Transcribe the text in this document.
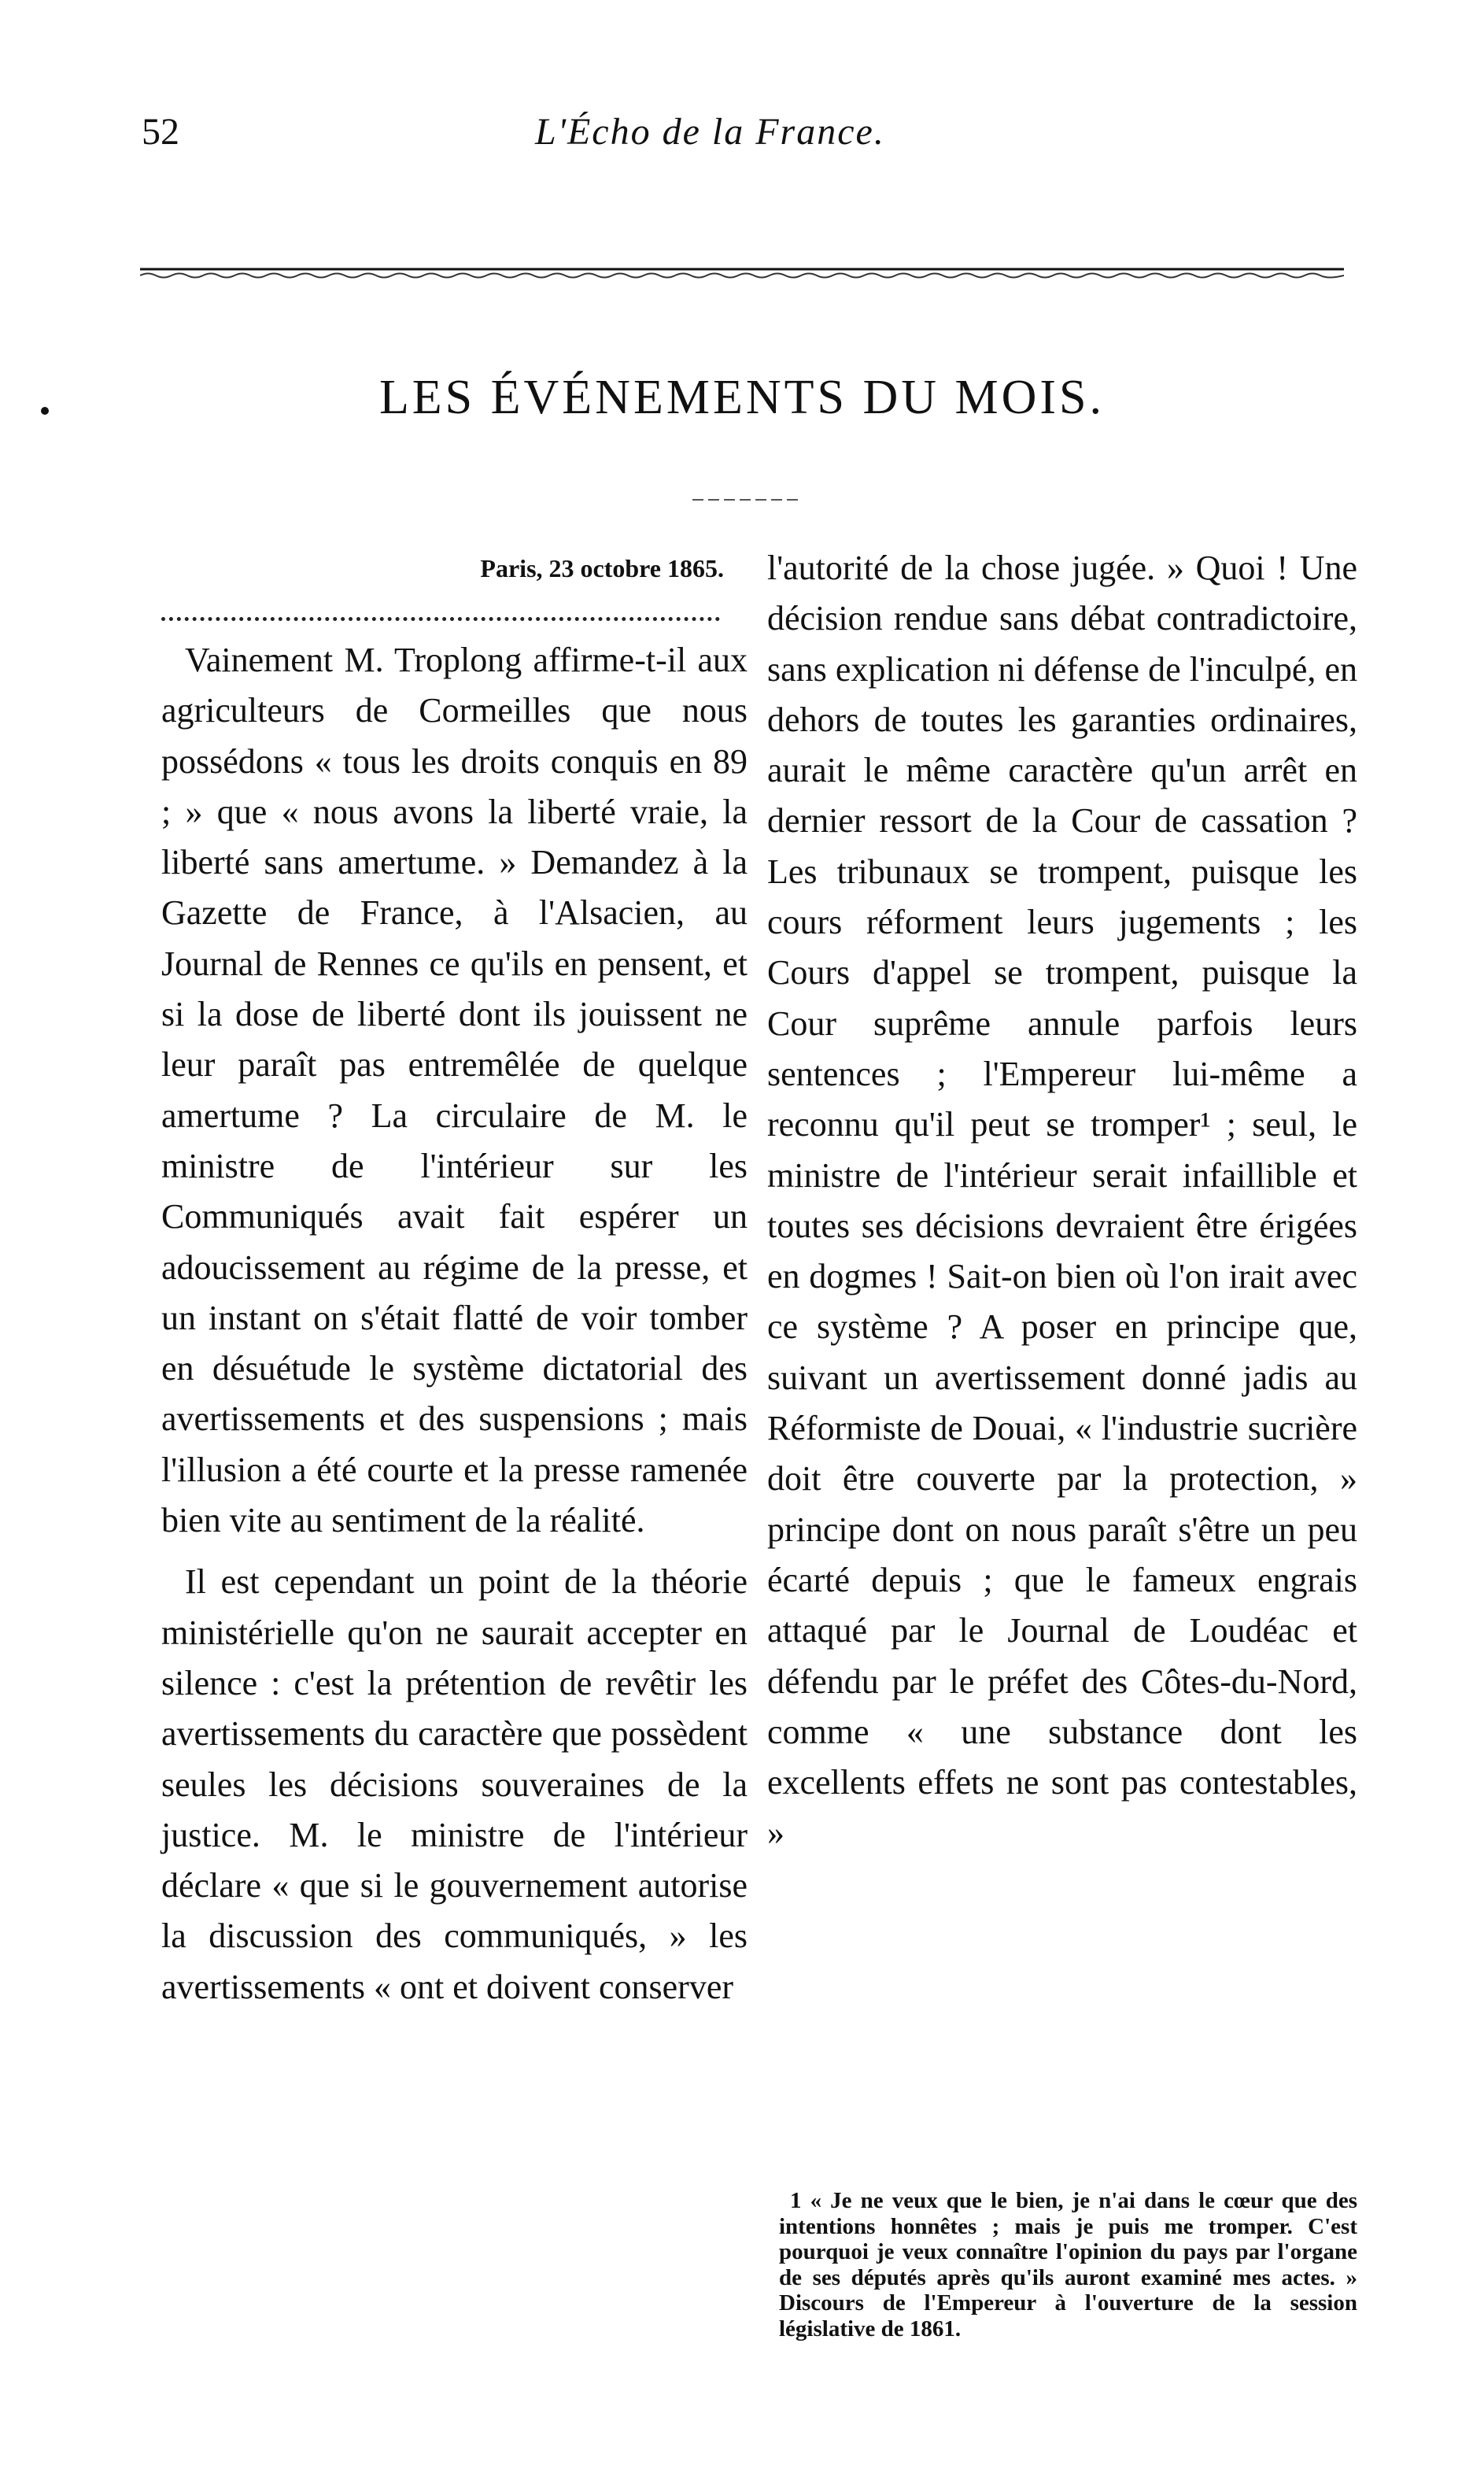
52	L'Écho de la France.
LES ÉVÉNEMENTS DU MOIS.
Paris, 23 octobre 1865.

Vainement M. Troplong affirme-t-il aux agriculteurs de Cormeilles que nous possédons « tous les droits conquis en 89 ; » que « nous avons la liberté vraie, la liberté sans amertume. » Demandez à la Gazette de France, à l'Alsacien, au Journal de Rennes ce qu'ils en pensent, et si la dose de liberté dont ils jouissent ne leur paraît pas entremêlée de quelque amertume ? La circulaire de M. le ministre de l'intérieur sur les Communiqués avait fait espérer un adoucissement au régime de la presse, et un instant on s'était flatté de voir tomber en désuétude le système dictatorial des avertissements et des suspensions ; mais l'illusion a été courte et la presse ramenée bien vite au sentiment de la réalité.

Il est cependant un point de la théorie ministérielle qu'on ne saurait accepter en silence : c'est la prétention de revêtir les avertissements du caractère que possèdent seules les décisions souveraines de la justice. M. le ministre de l'intérieur déclare « que si le gouvernement autorise la discussion des communiqués, » les avertissements « ont et doivent conserver

l'autorité de la chose jugée. » Quoi ! Une décision rendue sans débat contradictoire, sans explication ni défense de l'inculpé, en dehors de toutes les garanties ordinaires, aurait le même caractère qu'un arrêt en dernier ressort de la Cour de cassation ? Les tribunaux se trompent, puisque les cours réforment leurs jugements ; les Cours d'appel se trompent, puisque la Cour suprême annule parfois leurs sentences ; l'Empereur lui-même a reconnu qu'il peut se tromper¹ ; seul, le ministre de l'intérieur serait infaillible et toutes ses décisions devraient être érigées en dogmes ! Sait-on bien où l'on irait avec ce système ? A poser en principe que, suivant un avertissement donné jadis au Réformiste de Douai, « l'industrie sucrière doit être couverte par la protection, » principe dont on nous paraît s'être un peu écarté depuis ; que le fameux engrais attaqué par le Journal de Loudéac et défendu par le préfet des Côtes-du-Nord, comme « une substance dont les excellents effets ne sont pas contestables, »

1 « Je ne veux que le bien, je n'ai dans le cœur que des intentions honnêtes ; mais je puis me tromper. C'est pourquoi je veux connaître l'opinion du pays par l'organe de ses députés après qu'ils auront examiné mes actes. » Discours de l'Empereur à l'ouverture de la session législative de 1861.
